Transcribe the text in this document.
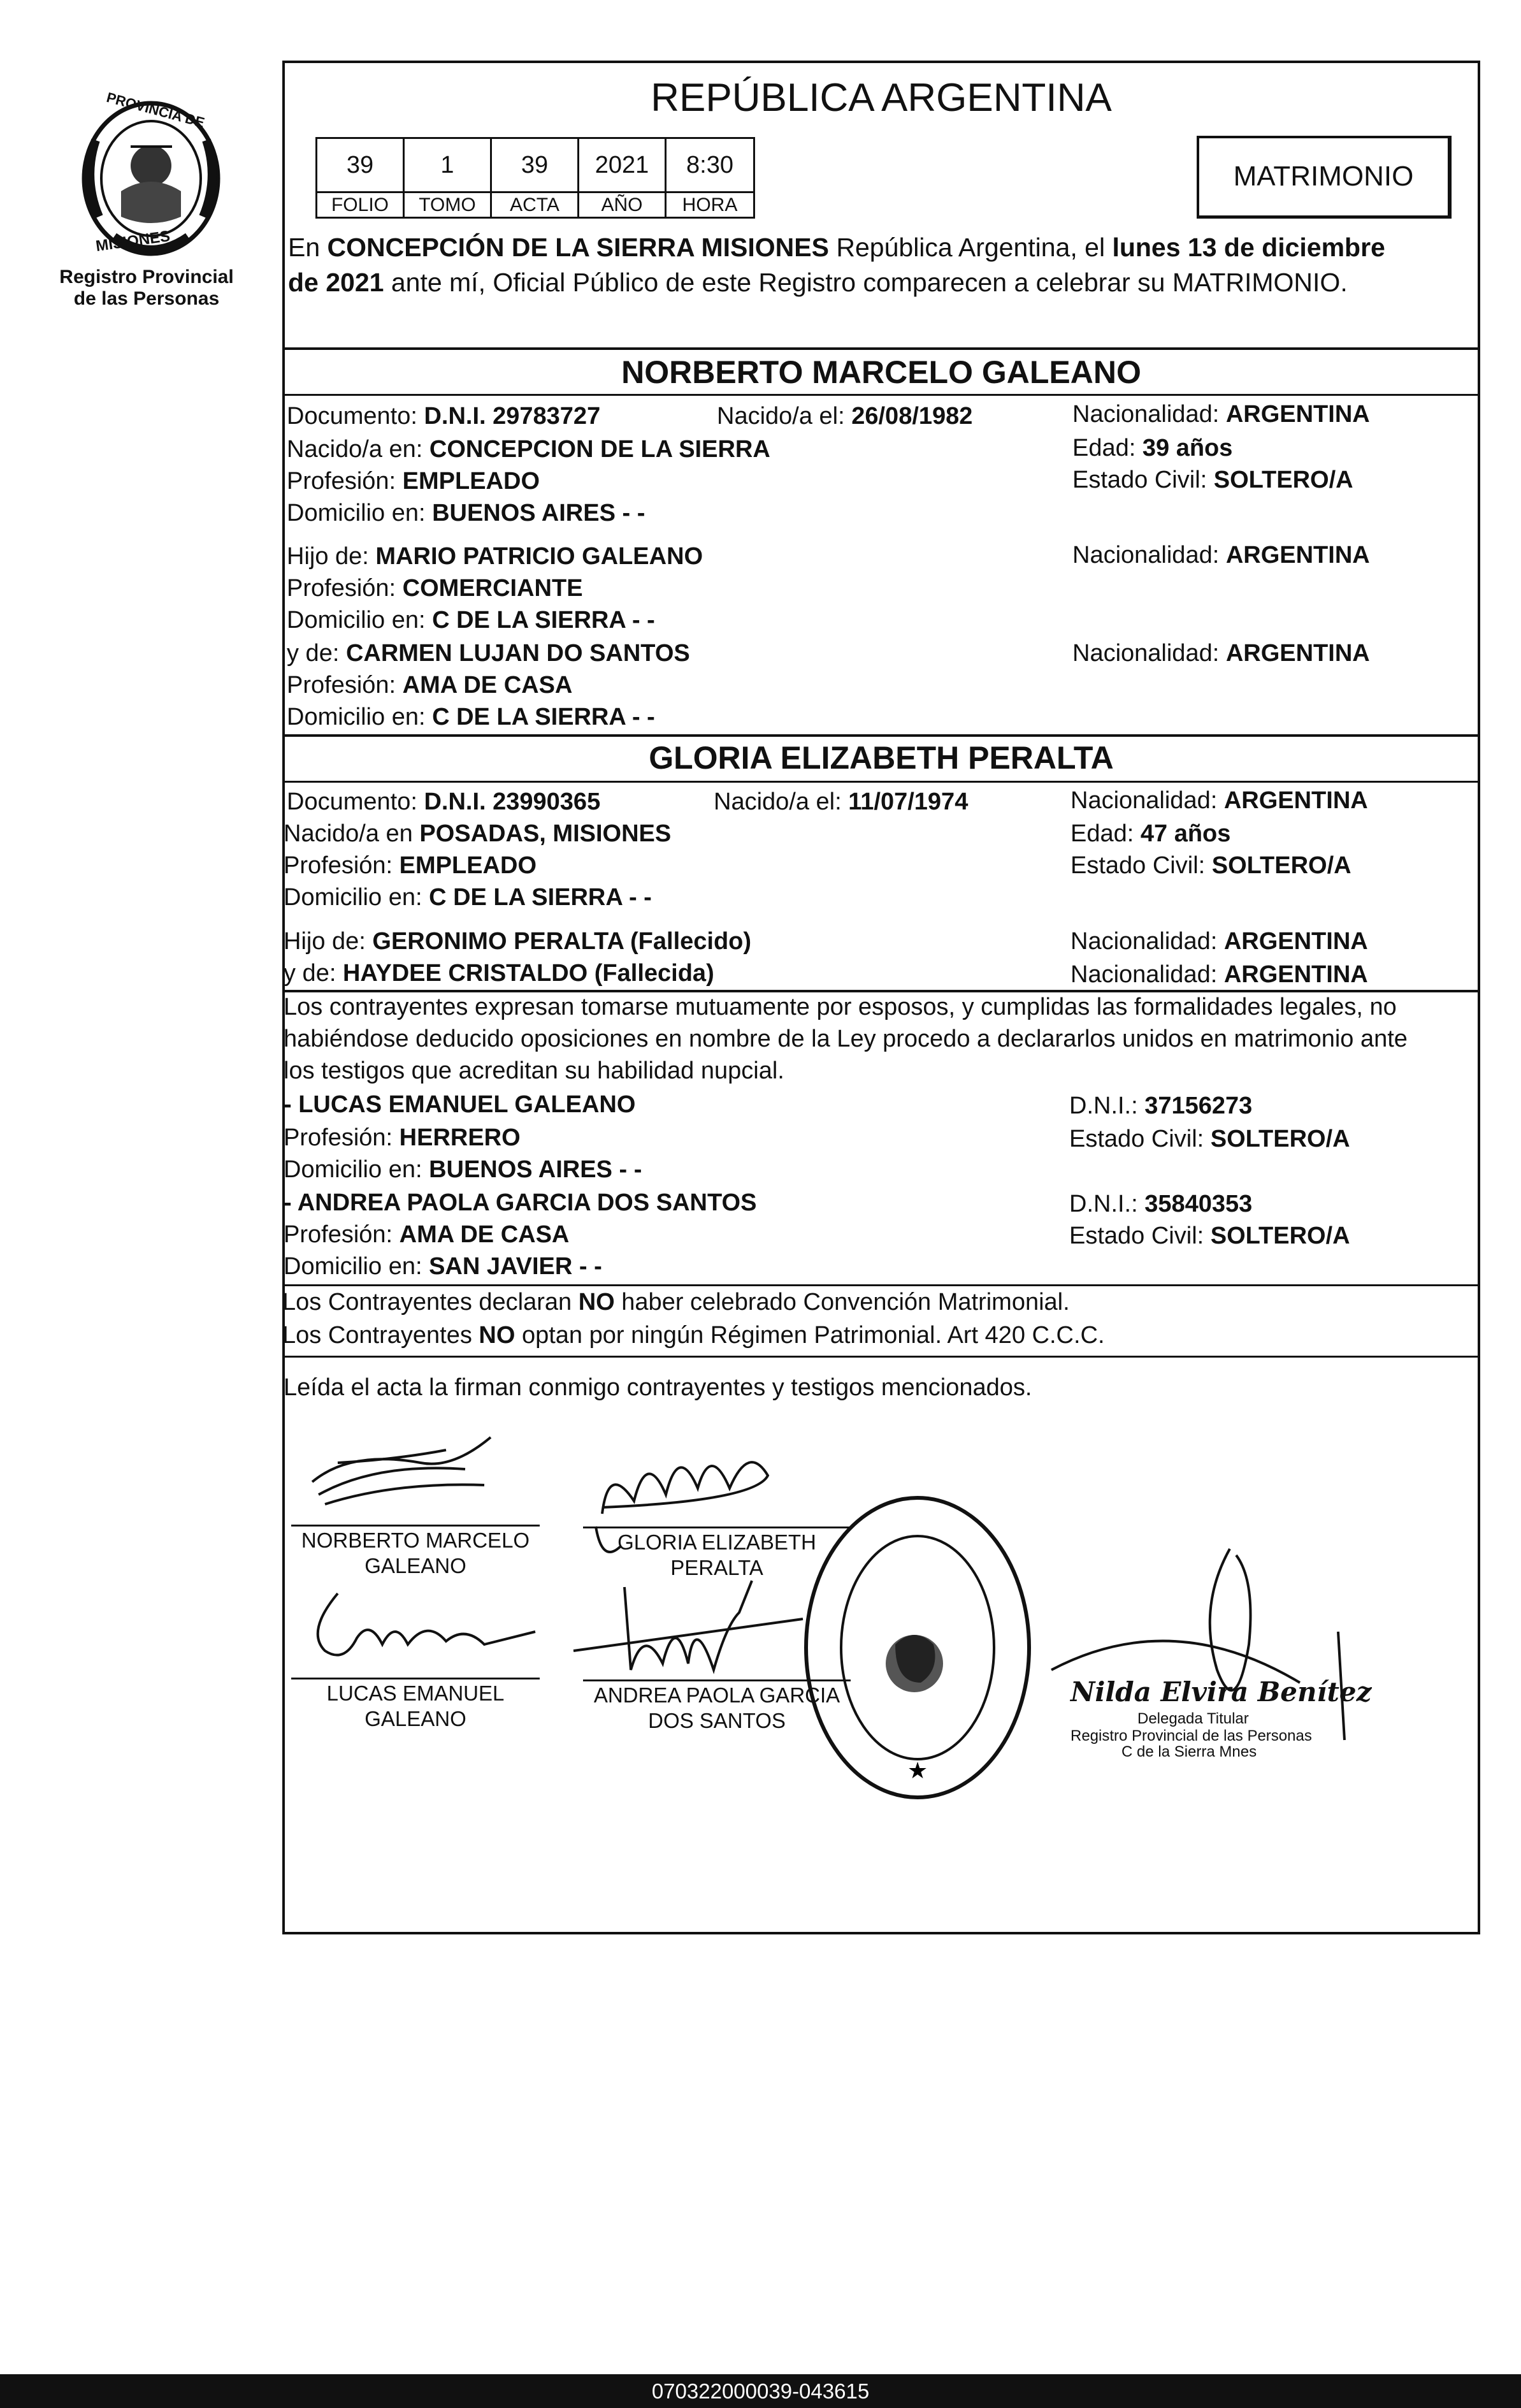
PROVINCIA DE
MISIONES
Registro Provincial
de las Personas
REPÚBLICA ARGENTINA
39	1	39	2021	8:30
FOLIO	TOMO	ACTA	AÑO	HORA
MATRIMONIO
En CONCEPCIÓN DE LA SIERRA MISIONES República Argentina, el lunes 13 de diciembre
de 2021 ante mí, Oficial Público de este Registro comparecen a celebrar su MATRIMONIO.
NORBERTO MARCELO GALEANO
Documento: D.N.I. 29783727	Nacido/a el: 26/08/1982	Nacionalidad: ARGENTINA
Nacido/a en: CONCEPCION DE LA SIERRA	Edad: 39 años
Profesión: EMPLEADO	Estado Civil: SOLTERO/A
Domicilio en: BUENOS AIRES - -
Hijo de: MARIO PATRICIO GALEANO	Nacionalidad: ARGENTINA
Profesión: COMERCIANTE
Domicilio en: C DE LA SIERRA - -
y de: CARMEN LUJAN DO SANTOS	Nacionalidad: ARGENTINA
Profesión: AMA DE CASA
Domicilio en: C DE LA SIERRA - -
GLORIA ELIZABETH PERALTA
Documento: D.N.I. 23990365	Nacido/a el: 11/07/1974	Nacionalidad: ARGENTINA
Nacido/a en POSADAS, MISIONES	Edad: 47 años
Profesión: EMPLEADO	Estado Civil: SOLTERO/A
Domicilio en: C DE LA SIERRA - -
Hijo de: GERONIMO PERALTA (Fallecido)	Nacionalidad: ARGENTINA
y de: HAYDEE CRISTALDO (Fallecida)	Nacionalidad: ARGENTINA
Los contrayentes expresan tomarse mutuamente por esposos, y cumplidas las formalidades legales, no
habiéndose deducido oposiciones en nombre de la Ley procedo a declararlos unidos en matrimonio ante
los testigos que acreditan su habilidad nupcial.
- LUCAS EMANUEL GALEANO	D.N.I.: 37156273
Profesión: HERRERO	Estado Civil: SOLTERO/A
Domicilio en: BUENOS AIRES - -
- ANDREA PAOLA GARCIA DOS SANTOS	D.N.I.: 35840353
Profesión: AMA DE CASA	Estado Civil: SOLTERO/A
Domicilio en: SAN JAVIER - -
Los Contrayentes declaran NO haber celebrado Convención Matrimonial.
Los Contrayentes NO optan por ningún Régimen Patrimonial. Art 420 C.C.C.
Leída el acta la firman conmigo contrayentes y testigos mencionados.
NORBERTO MARCELO
GALEANO
GLORIA ELIZABETH
PERALTA
LUCAS EMANUEL
GALEANO
ANDREA PAOLA GARCIA
DOS SANTOS
★
Nilda Elvira Benítez
Delegada Titular
Registro Provincial de las Personas
C de la Sierra Mnes
070322000039-043615
